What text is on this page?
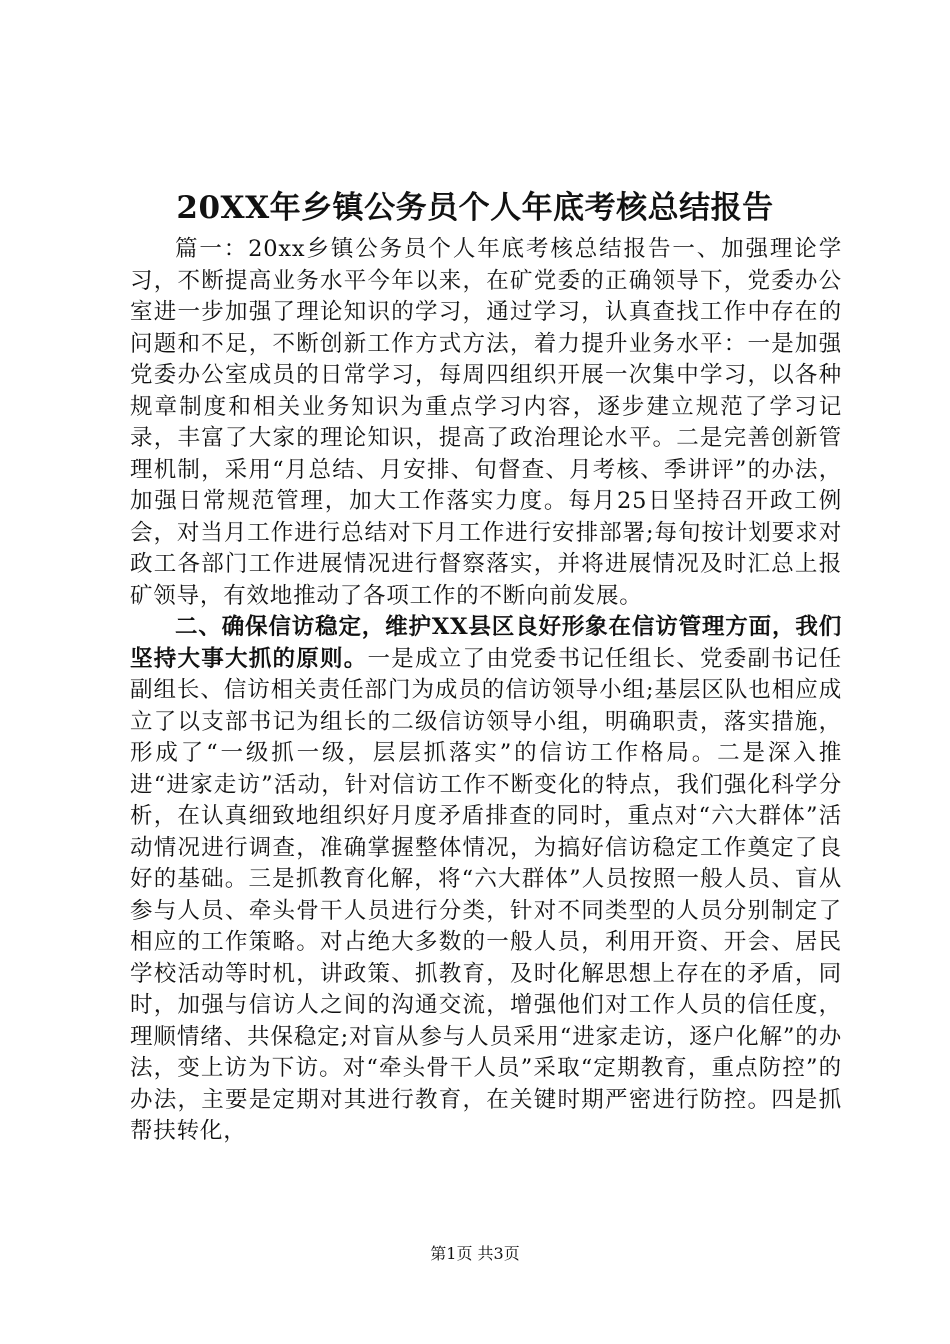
20XX年乡镇公务员个人年底考核总结报告

篇一：20xx乡镇公务员个人年底考核总结报告一、加强理论学习，不断提高业务水平今年以来，在矿党委的正确领导下，党委办公室进一步加强了理论知识的学习，通过学习，认真查找工作中存在的问题和不足，不断创新工作方式方法，着力提升业务水平：一是加强党委办公室成员的日常学习，每周四组织开展一次集中学习，以各种规章制度和相关业务知识为重点学习内容，逐步建立规范了学习记录，丰富了大家的理论知识，提高了政治理论水平。二是完善创新管理机制，采用“月总结、月安排、旬督查、月考核、季讲评”的办法，加强日常规范管理，加大工作落实力度。每月25日坚持召开政工例会，对当月工作进行总结对下月工作进行安排部署;每旬按计划要求对政工各部门工作进展情况进行督察落实，并将进展情况及时汇总上报矿领导，有效地推动了各项工作的不断向前发展。

二、确保信访稳定，维护XX县区良好形象在信访管理方面，我们坚持大事大抓的原则。一是成立了由党委书记任组长、党委副书记任副组长、信访相关责任部门为成员的信访领导小组;基层区队也相应成立了以支部书记为组长的二级信访领导小组，明确职责，落实措施，形成了“一级抓一级，层层抓落实”的信访工作格局。二是深入推进“进家走访”活动，针对信访工作不断变化的特点，我们强化科学分析，在认真细致地组织好月度矛盾排查的同时，重点对“六大群体”活动情况进行调查，准确掌握整体情况，为搞好信访稳定工作奠定了良好的基础。三是抓教育化解，将“六大群体”人员按照一般人员、盲从参与人员、牵头骨干人员进行分类，针对不同类型的人员分别制定了相应的工作策略。对占绝大多数的一般人员，利用开资、开会、居民学校活动等时机，讲政策、抓教育，及时化解思想上存在的矛盾，同时，加强与信访人之间的沟通交流，增强他们对工作人员的信任度，理顺情绪、共保稳定;对盲从参与人员采用“进家走访，逐户化解”的办法，变上访为下访。对“牵头骨干人员”采取“定期教育，重点防控”的办法，主要是定期对其进行教育，在关键时期严密进行防控。四是抓帮扶转化，

第1页 共3页
